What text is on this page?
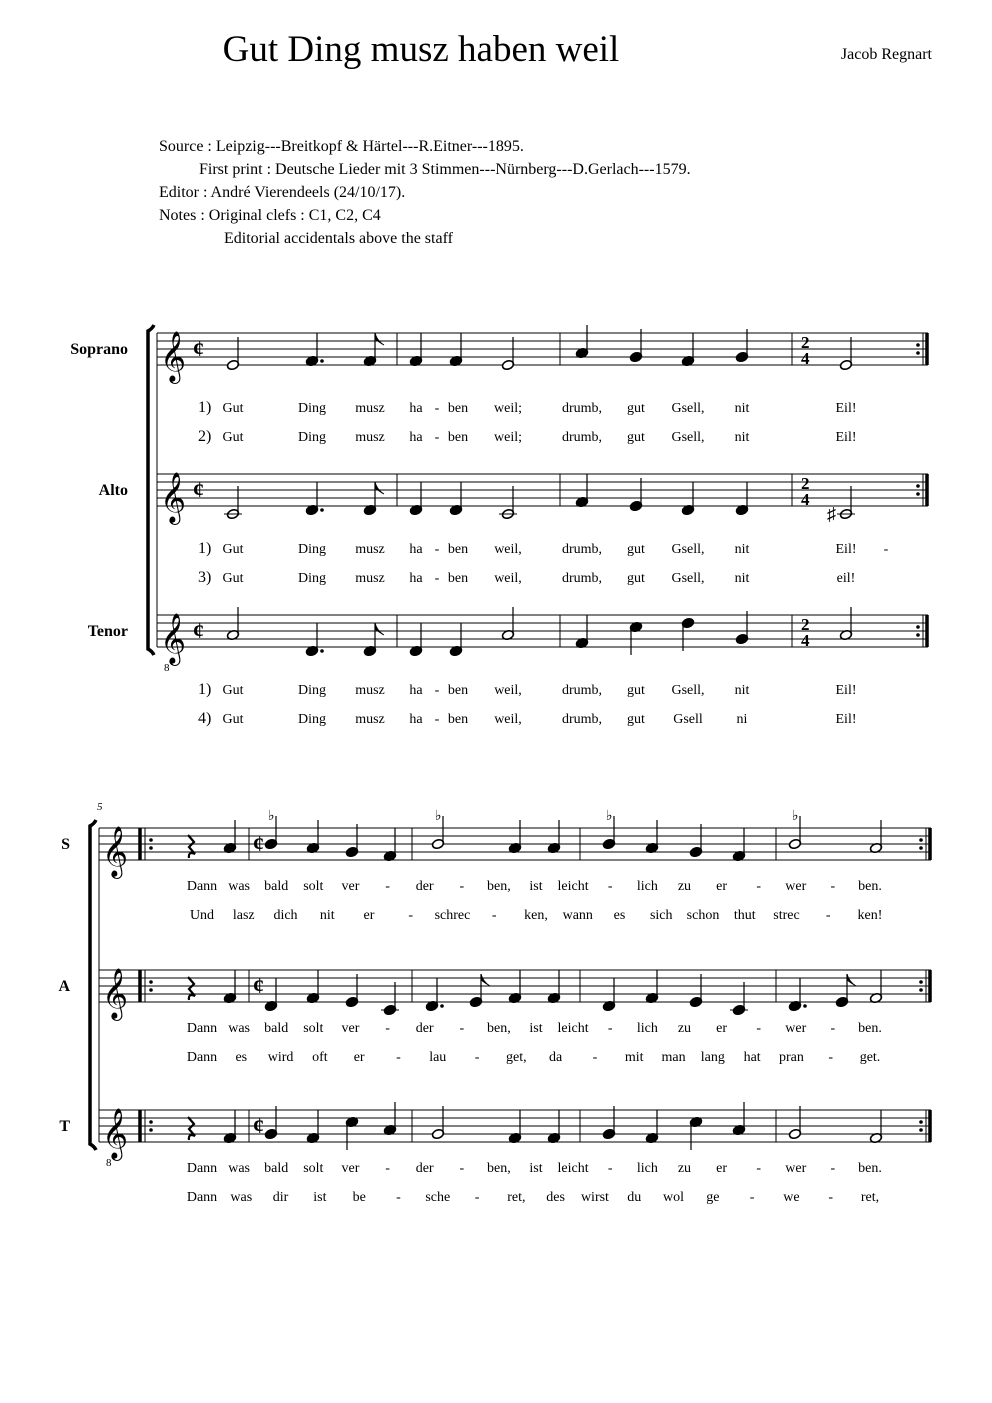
Gut Ding musz haben weil	Jacob Regnart
Source : Leipzig---Breitkopf & Härtel---R.Eitner---1895.
First print : Deutsche Lieder mit 3 Stimmen---Nürnberg---D.Gerlach---1579.
Editor : André Vierendeels (24/10/17).
Notes : Original clefs : C1, C2, C4
Editorial accidentals above the staff
Soprano 𝄞 ¢	2
4
1) Gut	Ding musz ha - ben weil;	drumb, gut Gsell, nit	Eil!
2) Gut	Ding musz ha - ben weil;	drumb, gut Gsell, nit	Eil!
Alto 𝄞 ¢	2
4
♯
1) Gut	Ding musz ha - ben weil,	drumb, gut Gsell, nit	Eil! -
3) Gut	Ding musz ha - ben weil,	drumb, gut Gsell, nit	eil!
Tenor 𝄞
8
¢	2
4
1) Gut	Ding musz ha - ben weil,	drumb, gut Gsell, nit	Eil!
4) Gut	Ding musz ha - ben weil,	drumb, gut Gsell ni	Eil!
5
S 𝄞	¢
♭	♭	♭	♭
Dann was bald solt ver - der - ben, ist leicht - lich zu er - wer - ben.
Und lasz dich nit er - schrec - ken, wann es sich schon thut strec - ken!
A 𝄞	¢
Dann was bald solt ver - der - ben, ist leicht - lich zu er - wer - ben.
Dann es wird oft er - lau - get, da - mit man lang hat pran - get.
T 𝄞
8
¢
Dann was bald solt ver - der - ben, ist leicht - lich zu er - wer - ben.
Dann was dir ist be - sche - ret, des wirst du wol ge - we - ret,
